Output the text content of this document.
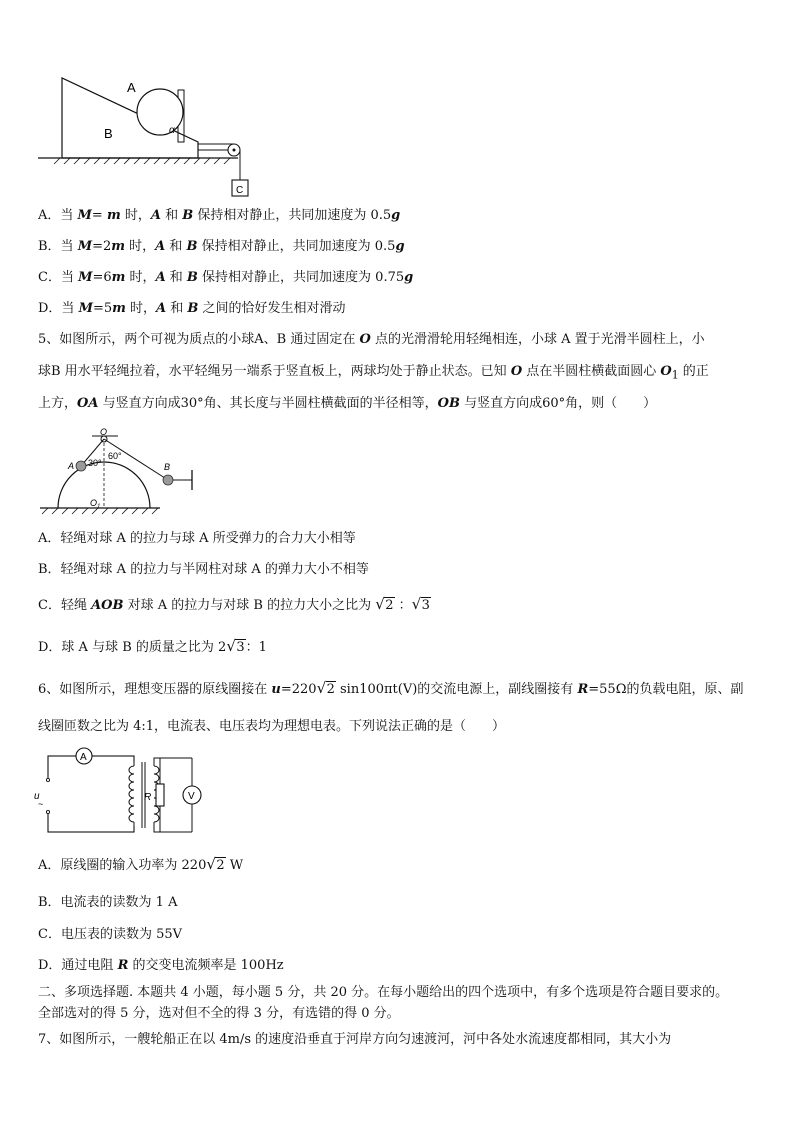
A
B
C
α
A．当 M= m 时，A 和 B 保持相对静止，共同加速度为 0.5g
B．当 M=2m 时，A 和 B 保持相对静止，共同加速度为 0.5g
C．当 M=6m 时，A 和 B 保持相对静止，共同加速度为 0.75g
D．当 M=5m 时，A 和 B 之间的恰好发生相对滑动
5、如图所示，两个可视为质点的小球A、B 通过固定在 O 点的光滑滑轮用轻绳相连，小球 A 置于光滑半圆柱上，小
球B 用水平轻绳拉着，水平轻绳另一端系于竖直板上，两球均处于静止状态。已知 O 点在半圆柱横截面圆心 $O_1$ 的正
上方，OA 与竖直方向成30°角、其长度与半圆柱横截面的半径相等，OB 与竖直方向成60°角，则（　　）
O
A	B
30°
60°
$O_1$
A．轻绳对球 A 的拉力与球 A 所受弹力的合力大小相等
B．轻绳对球 A 的拉力与半网柱对球 A 的弹力大小不相等
C．轻绳 AOB 对球 A 的拉力与对球 B 的拉力大小之比为 √ 2 ： √ 3
D．球 A 与球 B 的质量之比为 2 √ 3：1
6、如图所示，理想变压器的原线圈接在 u=220 √ 2 sin100πt(V)的交流电源上，副线圈接有 R=55Ω的负载电阻，原、副
线圈匝数之比为 4:1，电流表、电压表均为理想电表。下列说法正确的是（　　）
A
u
~
R	V
A．原线圈的输入功率为 220 √ 2 W
B．电流表的读数为 1 A
C．电压表的读数为 55V
D．通过电阻 R 的交变电流频率是 100Hz
二、多项选择题. 本题共 4 小题，每小题 5 分，共 20 分。在每小题给出的四个选项中，有多个选项是符合题目要求的。
全部选对的得 5 分，选对但不全的得 3 分，有选错的得 0 分。
7、如图所示，一艘轮船正在以 4m/s 的速度沿垂直于河岸方向匀速渡河，河中各处水流速度都相同，其大小为
